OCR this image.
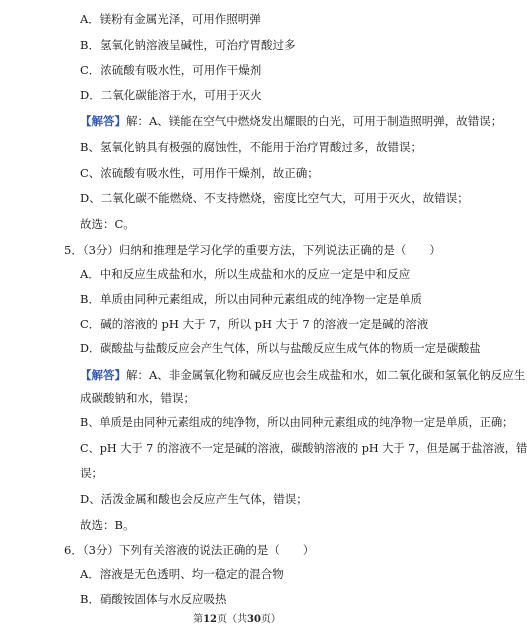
A．镁粉有金属光泽，可用作照明弹
B．氢氧化钠溶液呈碱性，可治疗胃酸过多
C．浓硫酸有吸水性，可用作干燥剂
D．二氧化碳能溶于水，可用于灭火
【解答】解：A、镁能在空气中燃烧发出耀眼的白光，可用于制造照明弹，故错误；
B、氢氧化钠具有极强的腐蚀性，不能用于治疗胃酸过多，故错误；
C、浓硫酸有吸水性，可用作干燥剂，故正确；
D、二氧化碳不能燃烧、不支持燃烧，密度比空气大，可用于灭火，故错误；
故选：C。
5．（3分）归纳和推理是学习化学的重要方法，下列说法正确的是（　　）
A．中和反应生成盐和水，所以生成盐和水的反应一定是中和反应
B．单质由同种元素组成，所以由同种元素组成的纯净物一定是单质
C．碱的溶液的 pH 大于 7，所以 pH 大于 7 的溶液一定是碱的溶液
D．碳酸盐与盐酸反应会产生气体，所以与盐酸反应生成气体的物质一定是碳酸盐
【解答】解：A、非金属氧化物和碱反应也会生成盐和水，如二氧化碳和氢氧化钠反应生
成碳酸钠和水，错误；
B、单质是由同种元素组成的纯净物，所以由同种元素组成的纯净物一定是单质，正确；
C、pH 大于 7 的溶液不一定是碱的溶液，碳酸钠溶液的 pH 大于 7，但是属于盐溶液，错
误；
D、活泼金属和酸也会反应产生气体，错误；
故选：B。
6．（3分）下列有关溶液的说法正确的是（　　）
A．溶液是无色透明、均一稳定的混合物
B．硝酸铵固体与水反应吸热
第12页（共30页）
